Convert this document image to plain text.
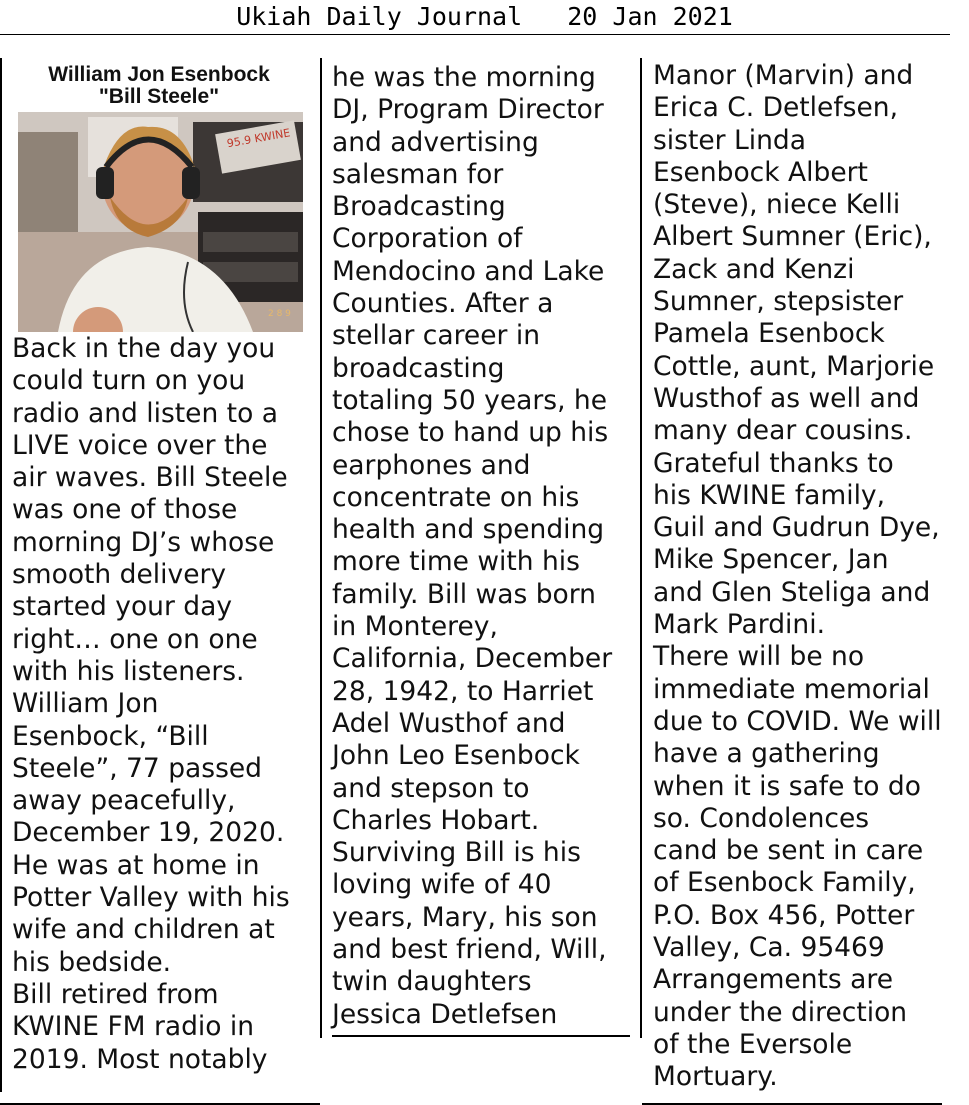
Ukiah Daily Journal 20 Jan 2021
William Jon Esenbock
"Bill Steele"
95.9 KWINE
2 8 9
Back in the day you
could turn on you
radio and listen to a
LIVE voice over the
air waves. Bill Steele
was one of those
morning DJ’s whose
smooth delivery
started your day
right… one on one
with his listeners.
William Jon
Esenbock, “Bill
Steele”, 77 passed
away peacefully,
December 19, 2020.
He was at home in
Potter Valley with his
wife and children at
his bedside.
Bill retired from
KWINE FM radio in
2019. Most notably
he was the morning
DJ, Program Director
and advertising
salesman for
Broadcasting
Corporation of
Mendocino and Lake
Counties. After a
stellar career in
broadcasting
totaling 50 years, he
chose to hand up his
earphones and
concentrate on his
health and spending
more time with his
family. Bill was born
in Monterey,
California, December
28, 1942, to Harriet
Adel Wusthof and
John Leo Esenbock
and stepson to
Charles Hobart.
Surviving Bill is his
loving wife of 40
years, Mary, his son
and best friend, Will,
twin daughters
Jessica Detlefsen
Manor (Marvin) and
Erica C. Detlefsen,
sister Linda
Esenbock Albert
(Steve), niece Kelli
Albert Sumner (Eric),
Zack and Kenzi
Sumner, stepsister
Pamela Esenbock
Cottle, aunt, Marjorie
Wusthof as well and
many dear cousins.
Grateful thanks to
his KWINE family,
Guil and Gudrun Dye,
Mike Spencer, Jan
and Glen Steliga and
Mark Pardini.
There will be no
immediate memorial
due to COVID. We will
have a gathering
when it is safe to do
so. Condolences
cand be sent in care
of Esenbock Family,
P.O. Box 456, Potter
Valley, Ca. 95469
Arrangements are
under the direction
of the Eversole
Mortuary.
